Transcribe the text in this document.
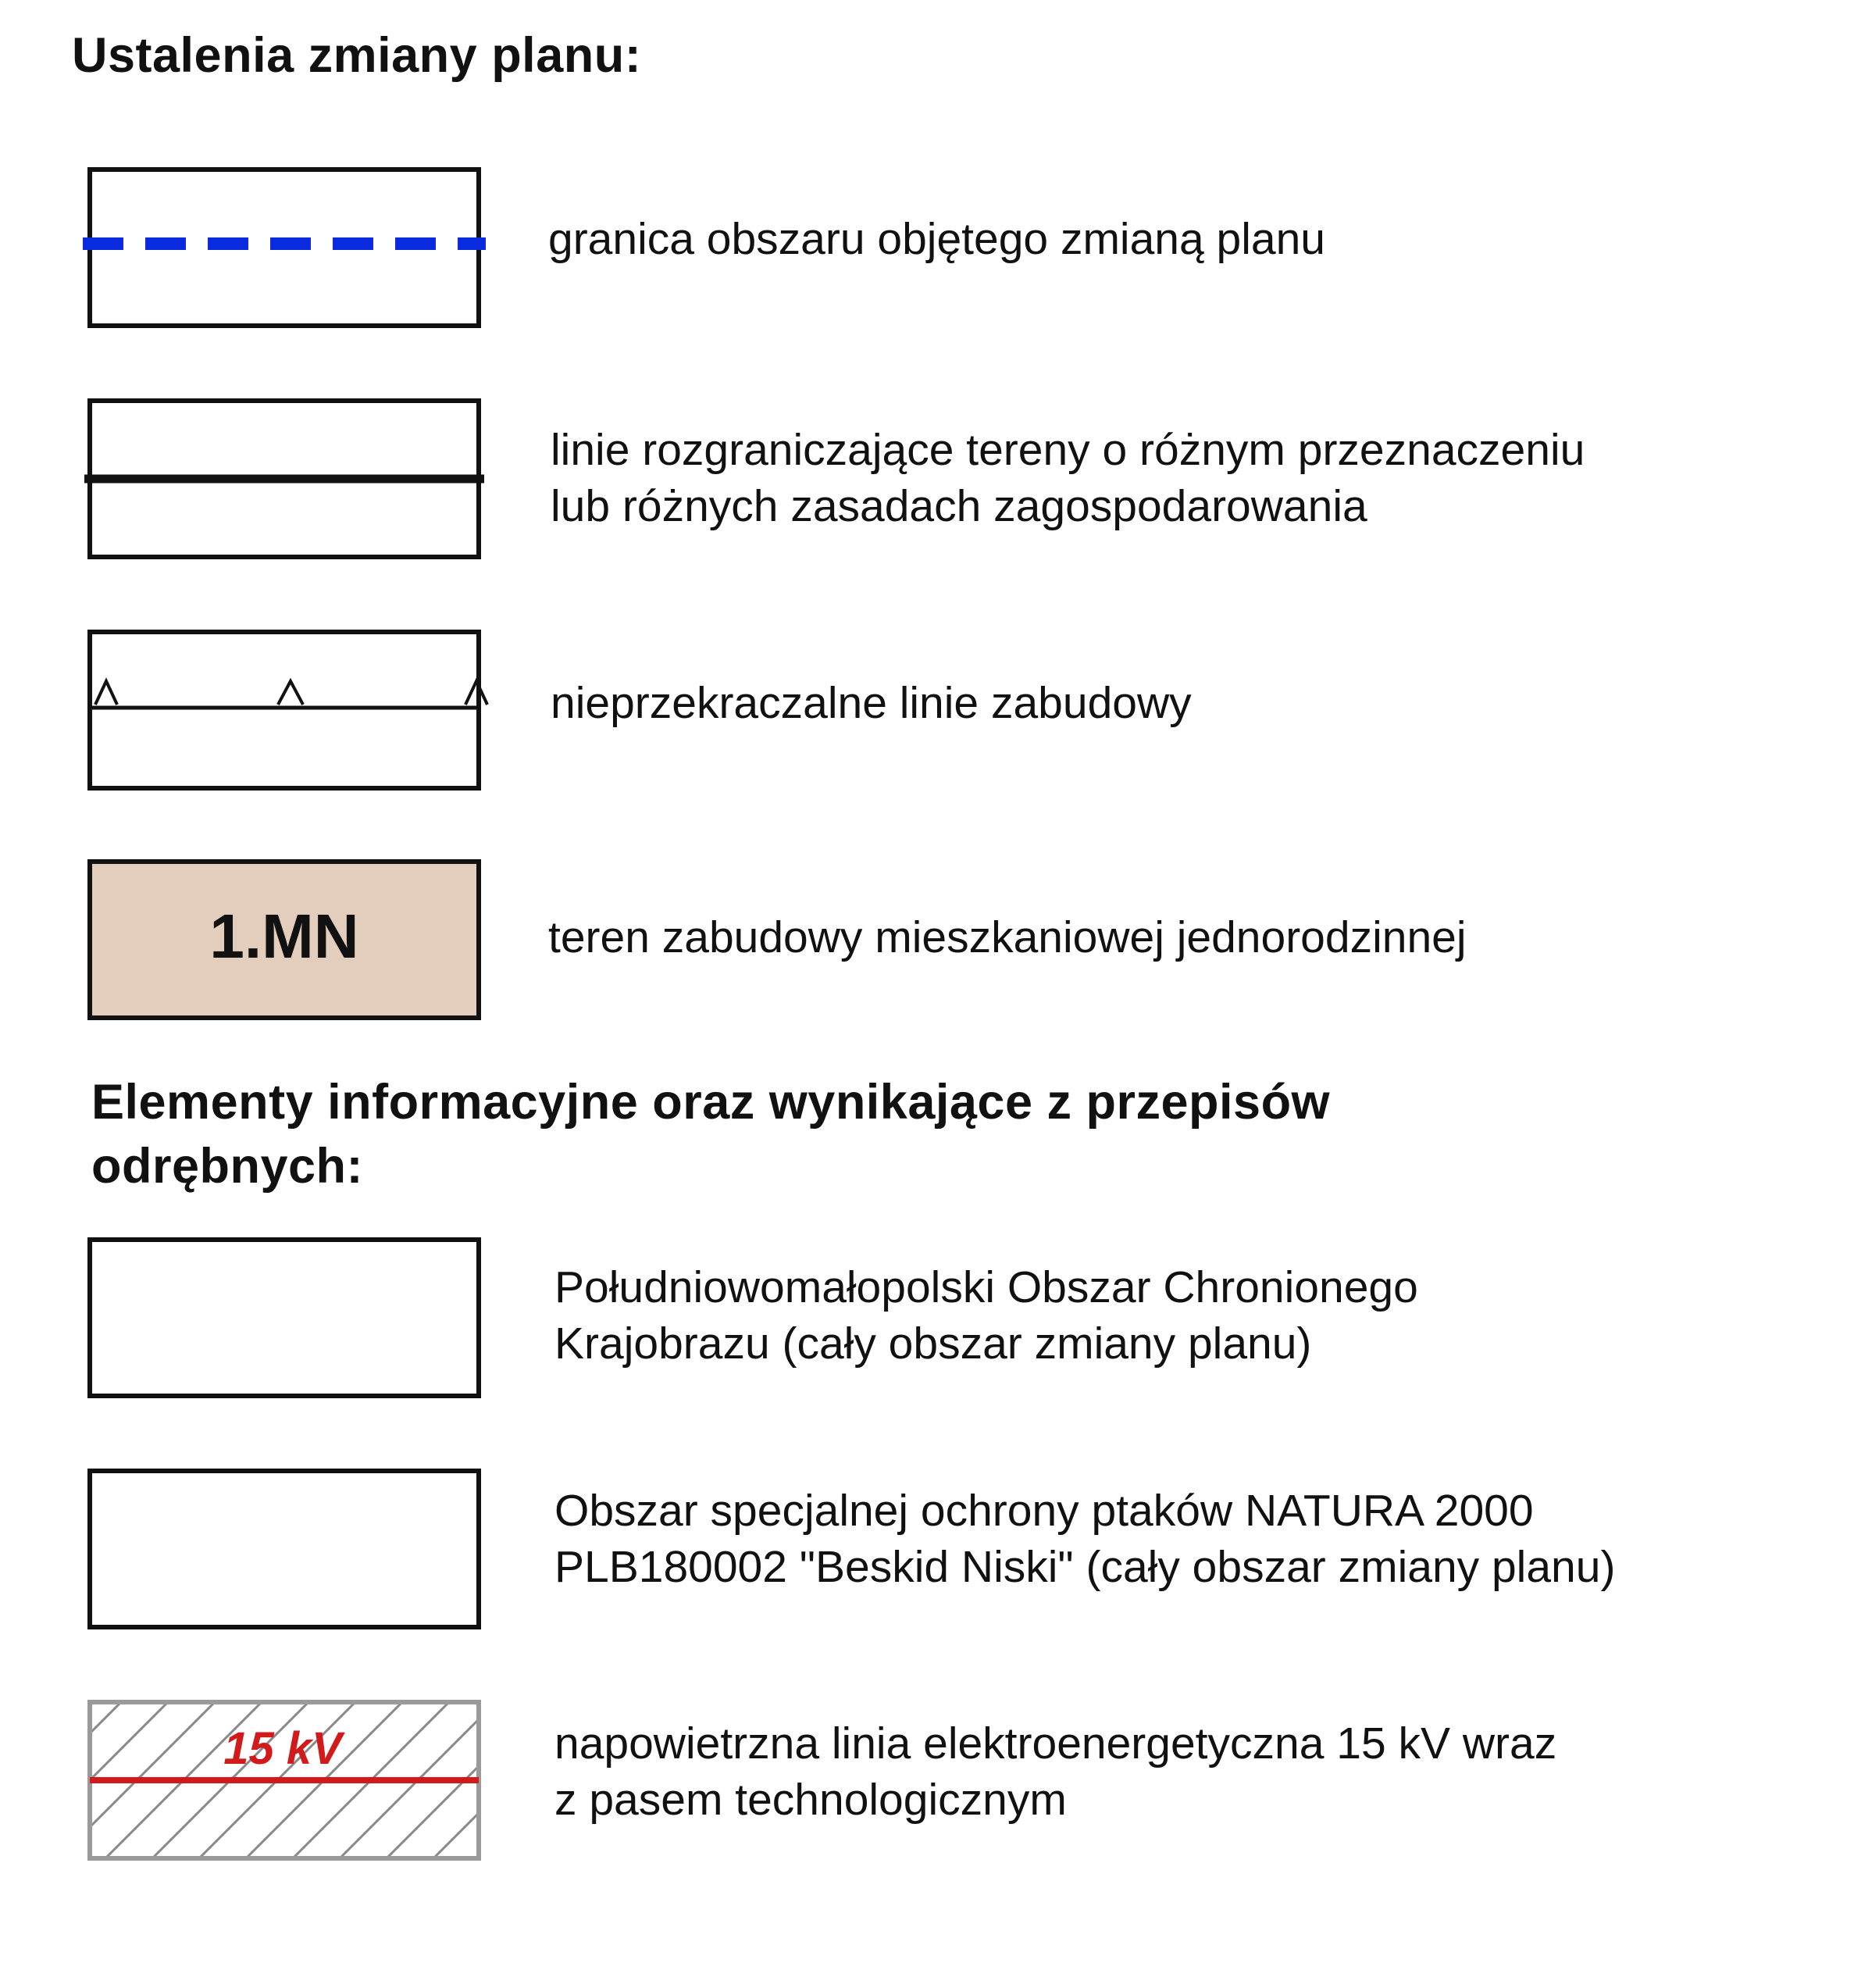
Ustalenia zmiany planu:
granica obszaru objętego zmianą planu
linie rozgraniczające tereny o różnym przeznaczeniu
lub różnych zasadach zagospodarowania
nieprzekraczalne linie zabudowy
1.MN	teren zabudowy mieszkaniowej jednorodzinnej
Elementy informacyjne oraz wynikające z przepisów odrębnych:
Południowomałopolski Obszar Chronionego
Krajobrazu (cały obszar zmiany planu)
Obszar specjalnej ochrony ptaków NATURA 2000
PLB180002 "Beskid Niski" (cały obszar zmiany planu)
15 kV	napowietrzna linia elektroenergetyczna 15 kV wraz
z pasem technologicznym
